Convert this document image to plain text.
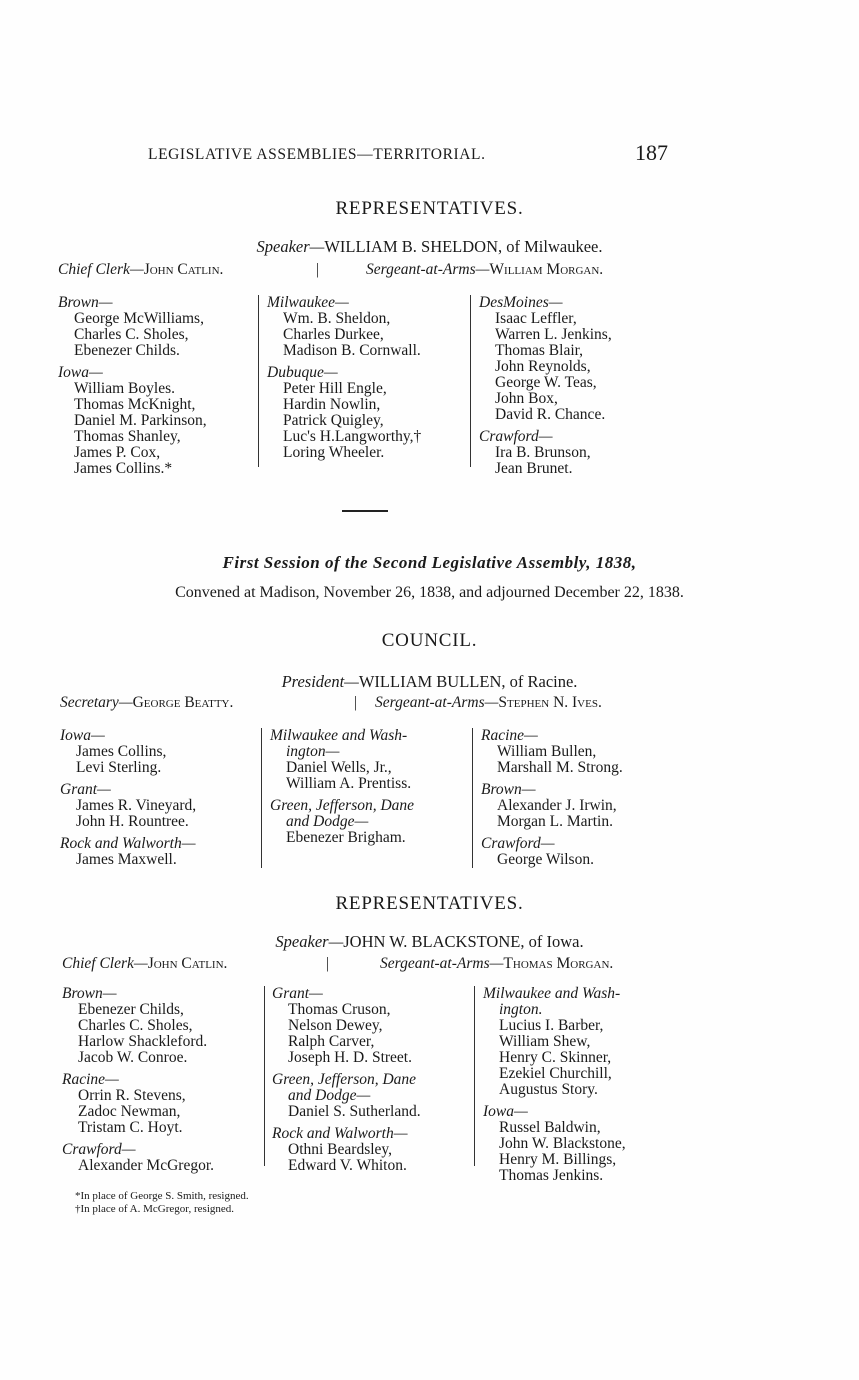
LEGISLATIVE ASSEMBLIES—TERRITORIAL.	187
REPRESENTATIVES.
Speaker—WILLIAM B. SHELDON, of Milwaukee.
Chief Clerk—John Catlin.	|	Sergeant-at-Arms—William Morgan.
Brown—
George McWilliams,
Charles C. Sholes,
Ebenezer Childs.
Iowa—
William Boyles.
Thomas McKnight,
Daniel M. Parkinson,
Thomas Shanley,
James P. Cox,
James Collins.*
Milwaukee—
Wm. B. Sheldon,
Charles Durkee,
Madison B. Cornwall.
Dubuque—
Peter Hill Engle,
Hardin Nowlin,
Patrick Quigley,
Luc's H.Langworthy,†
Loring Wheeler.
DesMoines—
Isaac Leffler,
Warren L. Jenkins,
Thomas Blair,
John Reynolds,
George W. Teas,
John Box,
David R. Chance.
Crawford—
Ira B. Brunson,
Jean Brunet.
First Session of the Second Legislative Assembly, 1838,
Convened at Madison, November 26, 1838, and adjourned December 22, 1838.
COUNCIL.
President—WILLIAM BULLEN, of Racine.
Secretary—George Beatty.	| Sergeant-at-Arms—Stephen N. Ives.
Iowa—
James Collins,
Levi Sterling.
Grant—
James R. Vineyard,
John H. Rountree.
Rock and Walworth—
James Maxwell.
Milwaukee and Wash-
ington—
Daniel Wells, Jr.,
William A. Prentiss.
Green, Jefferson, Dane
and Dodge—
Ebenezer Brigham.
Racine—
William Bullen,
Marshall M. Strong.
Brown—
Alexander J. Irwin,
Morgan L. Martin.
Crawford—
George Wilson.
REPRESENTATIVES.
Speaker—JOHN W. BLACKSTONE, of Iowa.
Chief Clerk—John Catlin.	|	Sergeant-at-Arms—Thomas Morgan.
Brown—
Ebenezer Childs,
Charles C. Sholes,
Harlow Shackleford.
Jacob W. Conroe.
Racine—
Orrin R. Stevens,
Zadoc Newman,
Tristam C. Hoyt.
Crawford—
Alexander McGregor.
Grant—
Thomas Cruson,
Nelson Dewey,
Ralph Carver,
Joseph H. D. Street.
Green, Jefferson, Dane
and Dodge—
Daniel S. Sutherland.
Rock and Walworth—
Othni Beardsley,
Edward V. Whiton.
Milwaukee and Wash-
ington.
Lucius I. Barber,
William Shew,
Henry C. Skinner,
Ezekiel Churchill,
Augustus Story.
Iowa—
Russel Baldwin,
John W. Blackstone,
Henry M. Billings,
Thomas Jenkins.
*In place of George S. Smith, resigned.
†In place of A. McGregor, resigned.
